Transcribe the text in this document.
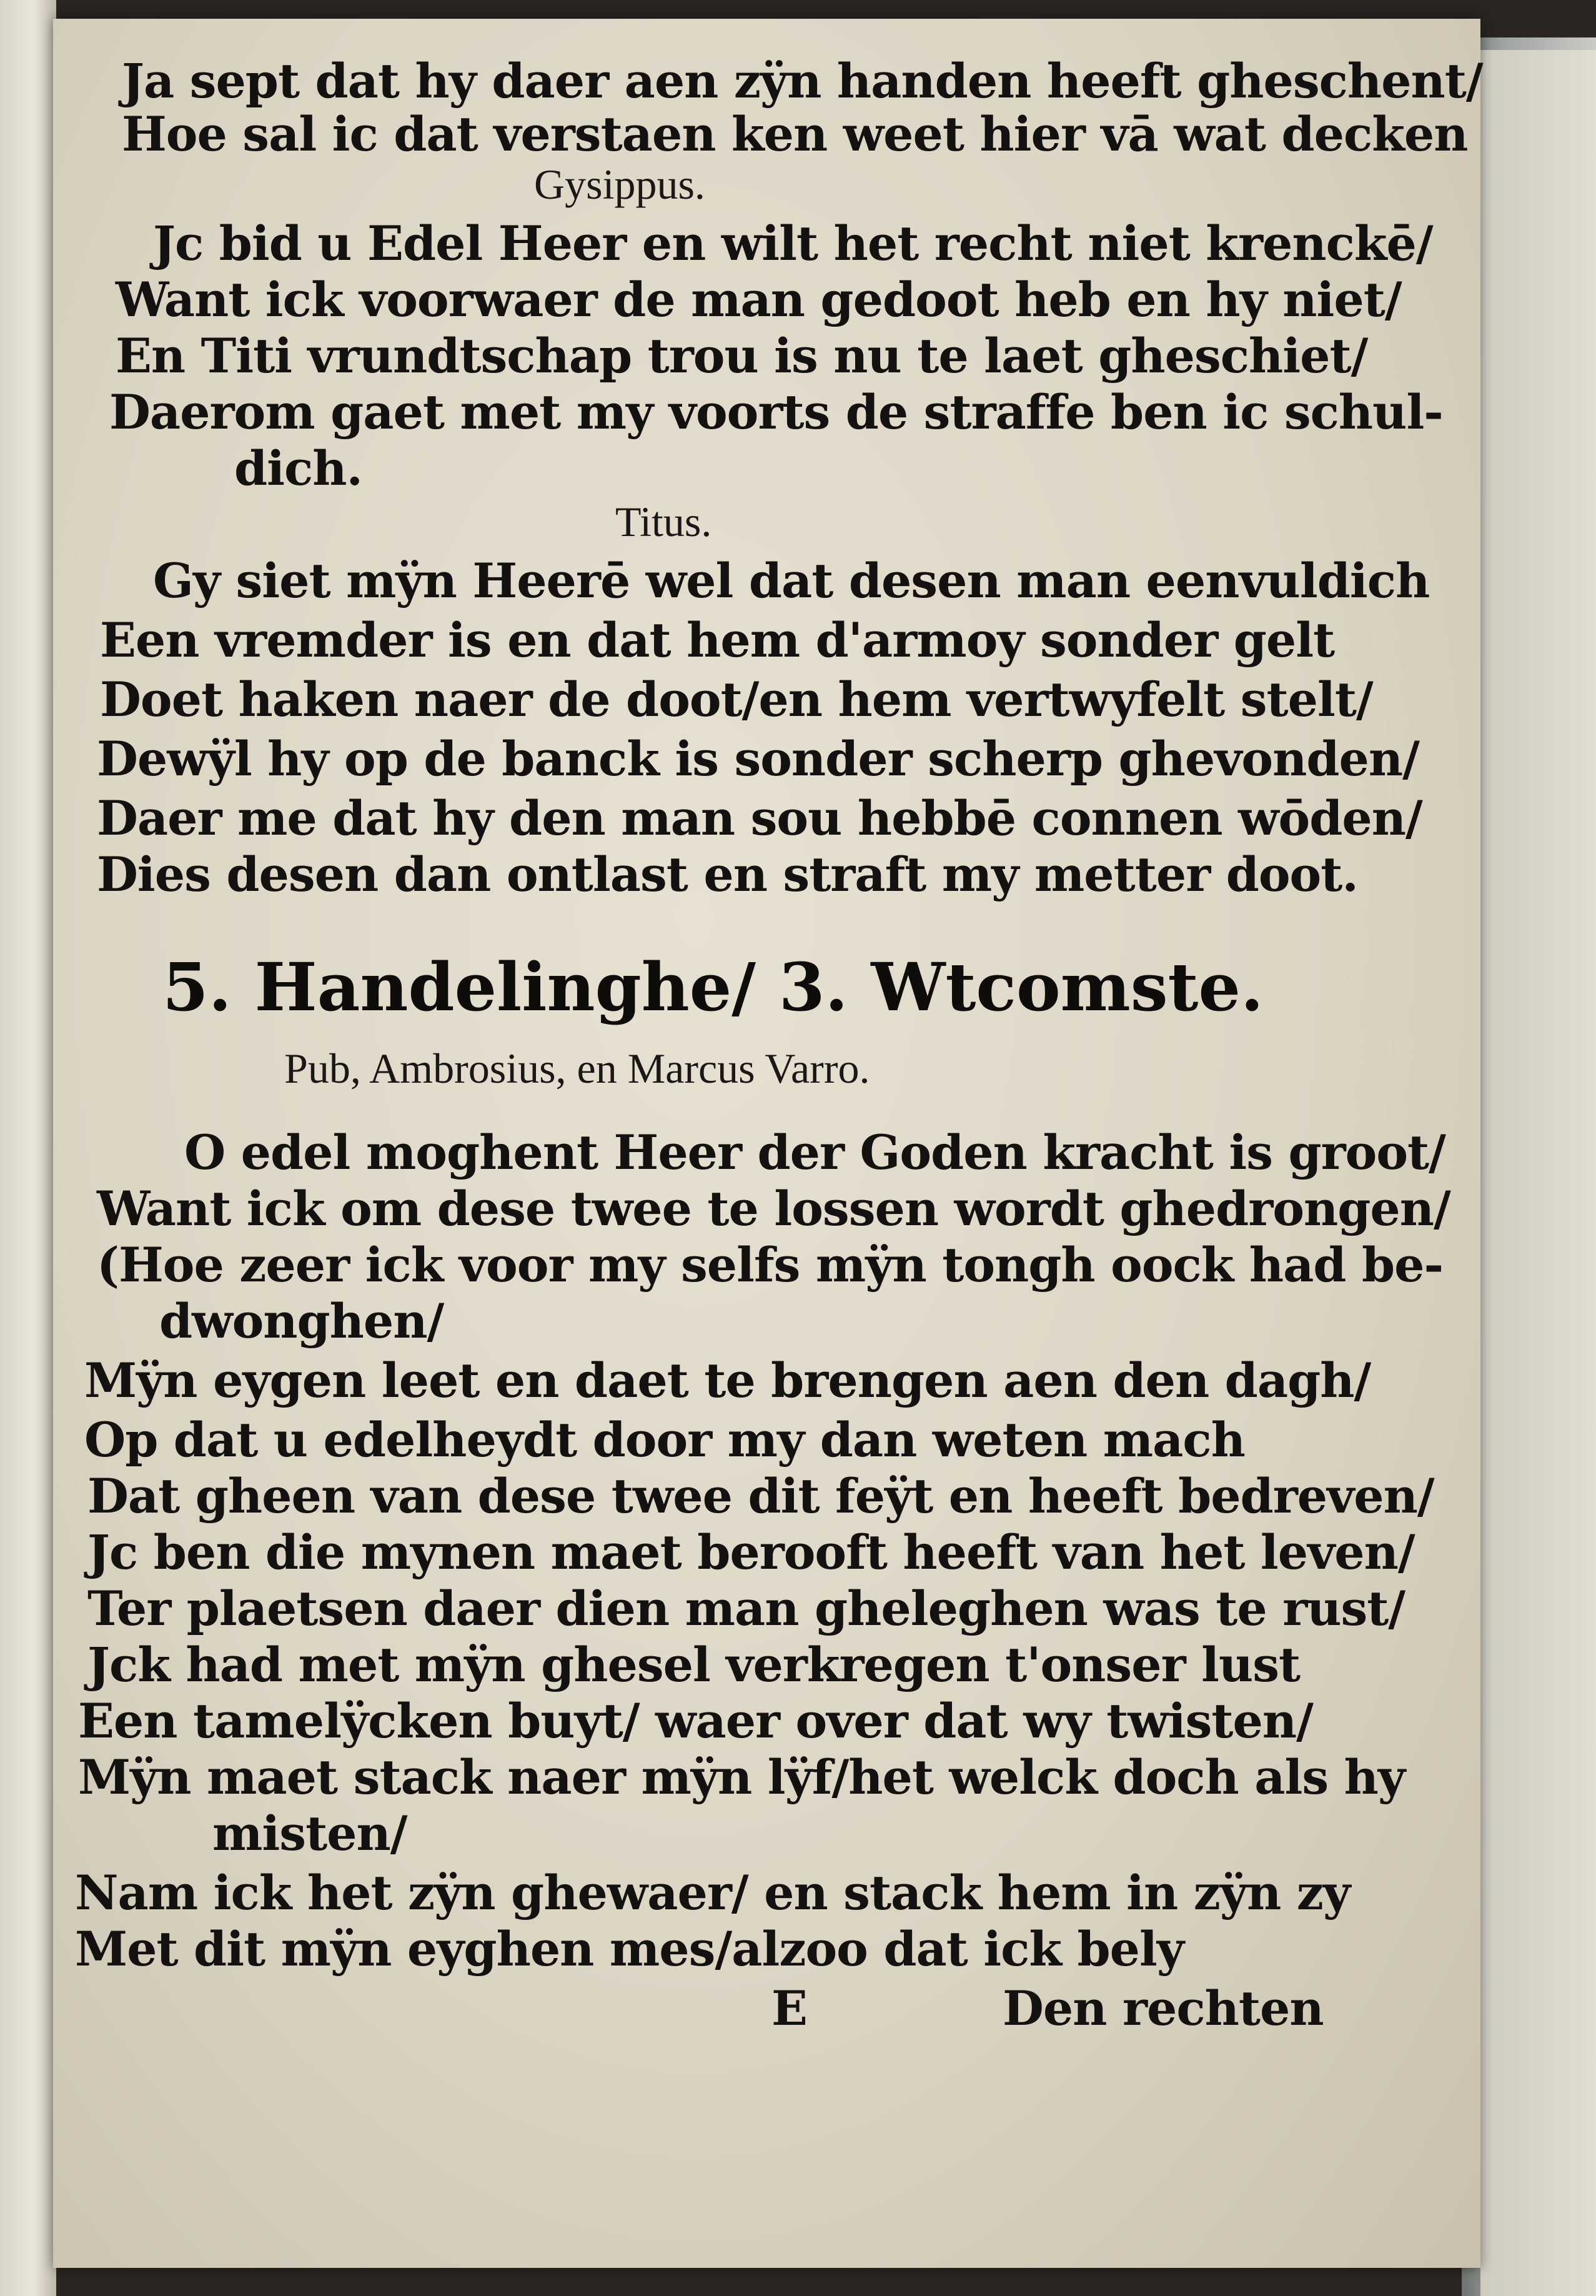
Ja sept dat hy daer aen zÿn handen heeft gheschent/
Hoe sal ic dat verstaen ken weet hier vā wat decken
Gysippus.
Jc bid u Edel Heer en wilt het recht niet krenckē/
Want ick voorwaer de man gedoot heb en hy niet/
En Titi vrundtschap trou is nu te laet gheschiet/
Daerom gaet met my voorts de straffe ben ic schul-
dich.
Titus.
Gy siet mÿn Heerē wel dat desen man eenvuldich
Een vremder is en dat hem d'armoy sonder gelt
Doet haken naer de doot/en hem vertwyfelt stelt/
Dewÿl hy op de banck is sonder scherp ghevonden/
Daer me dat hy den man sou hebbē connen wōden/
Dies desen dan ontlast en straft my metter doot.
5. Handelinghe/ 3. Wtcomste.
Pub, Ambrosius, en Marcus Varro.
O edel moghent Heer der Goden kracht is groot/
Want ick om dese twee te lossen wordt ghedrongen/
(Hoe zeer ick voor my selfs mÿn tongh oock had be-
dwonghen/
Mÿn eygen leet en daet te brengen aen den dagh/
Op dat u edelheydt door my dan weten mach
Dat gheen van dese twee dit feÿt en heeft bedreven/
Jc ben die mynen maet berooft heeft van het leven/
Ter plaetsen daer dien man gheleghen was te rust/
Jck had met mÿn ghesel verkregen t'onser lust
Een tamelÿcken buyt/ waer over dat wy twisten/
Mÿn maet stack naer mÿn lÿf/het welck doch als hy
misten/
Nam ick het zÿn ghewaer/ en stack hem in zÿn zy
Met dit mÿn eyghen mes/alzoo dat ick bely
E	Den rechten
